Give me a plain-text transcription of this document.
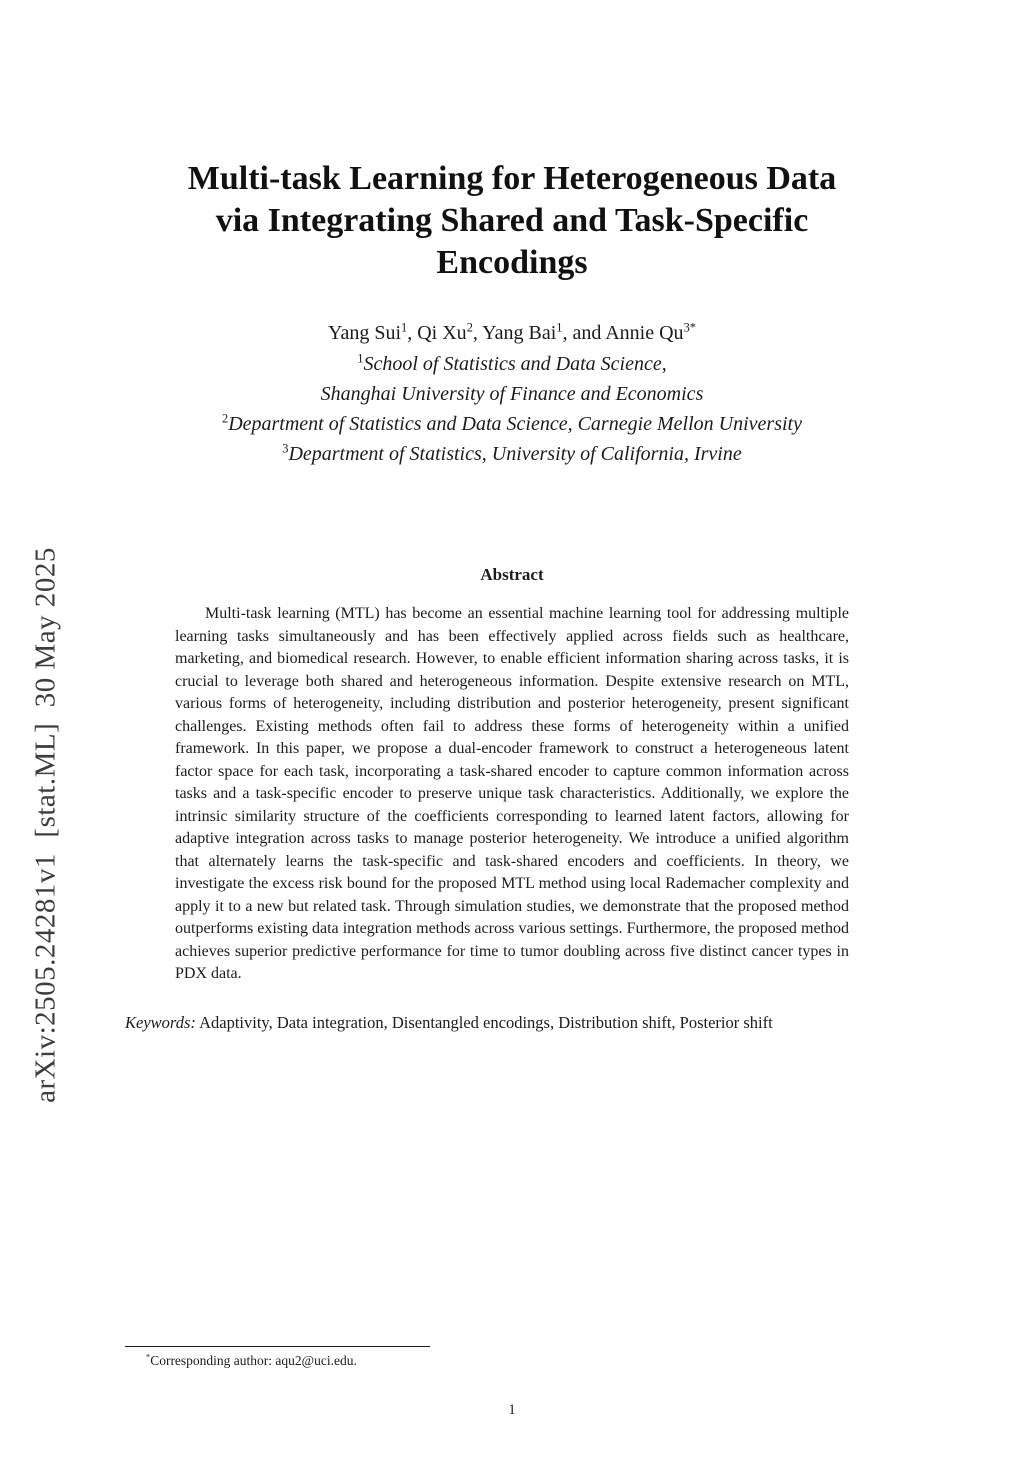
arXiv:2505.24281v1  [stat.ML]  30 May 2025
Multi-task Learning for Heterogeneous Data
via Integrating Shared and Task-Specific
Encodings
Yang Sui$^1$, Qi Xu$^2$, Yang Bai$^1$, and Annie $Qu^{3*}$
$^1$School of Statistics and Data Science,
Shanghai University of Finance and Economics
$^2$Department of Statistics and Data Science, Carnegie Mellon University
$^3$Department of Statistics, University of California, Irvine
Abstract

Multi-task learning (MTL) has become an essential machine learning tool for addressing multiple learning tasks simultaneously and has been effectively applied across fields such as healthcare, marketing, and biomedical research. However, to enable efficient information sharing across tasks, it is crucial to leverage both shared and heterogeneous information. Despite extensive research on MTL, various forms of heterogeneity, including distribution and posterior heterogeneity, present significant challenges. Existing methods often fail to address these forms of heterogeneity within a unified framework. In this paper, we propose a dual-encoder framework to construct a heterogeneous latent factor space for each task, incorporating a task-shared encoder to capture common information across tasks and a task-specific encoder to preserve unique task characteristics. Additionally, we explore the intrinsic similarity structure of the coefficients corresponding to learned latent factors, allowing for adaptive integration across tasks to manage posterior heterogeneity. We introduce a unified algorithm that alternately learns the task-specific and task-shared encoders and coefficients. In theory, we investigate the excess risk bound for the proposed MTL method using local Rademacher complexity and apply it to a new but related task. Through simulation studies, we demonstrate that the proposed method outperforms existing data integration methods across various settings. Furthermore, the proposed method achieves superior predictive performance for time to tumor doubling across five distinct cancer types in PDX data.

Keywords: Adaptivity, Data integration, Disentangled encodings, Distribution shift, Posterior shift

*Corresponding author: aqu2@uci.edu.
1
